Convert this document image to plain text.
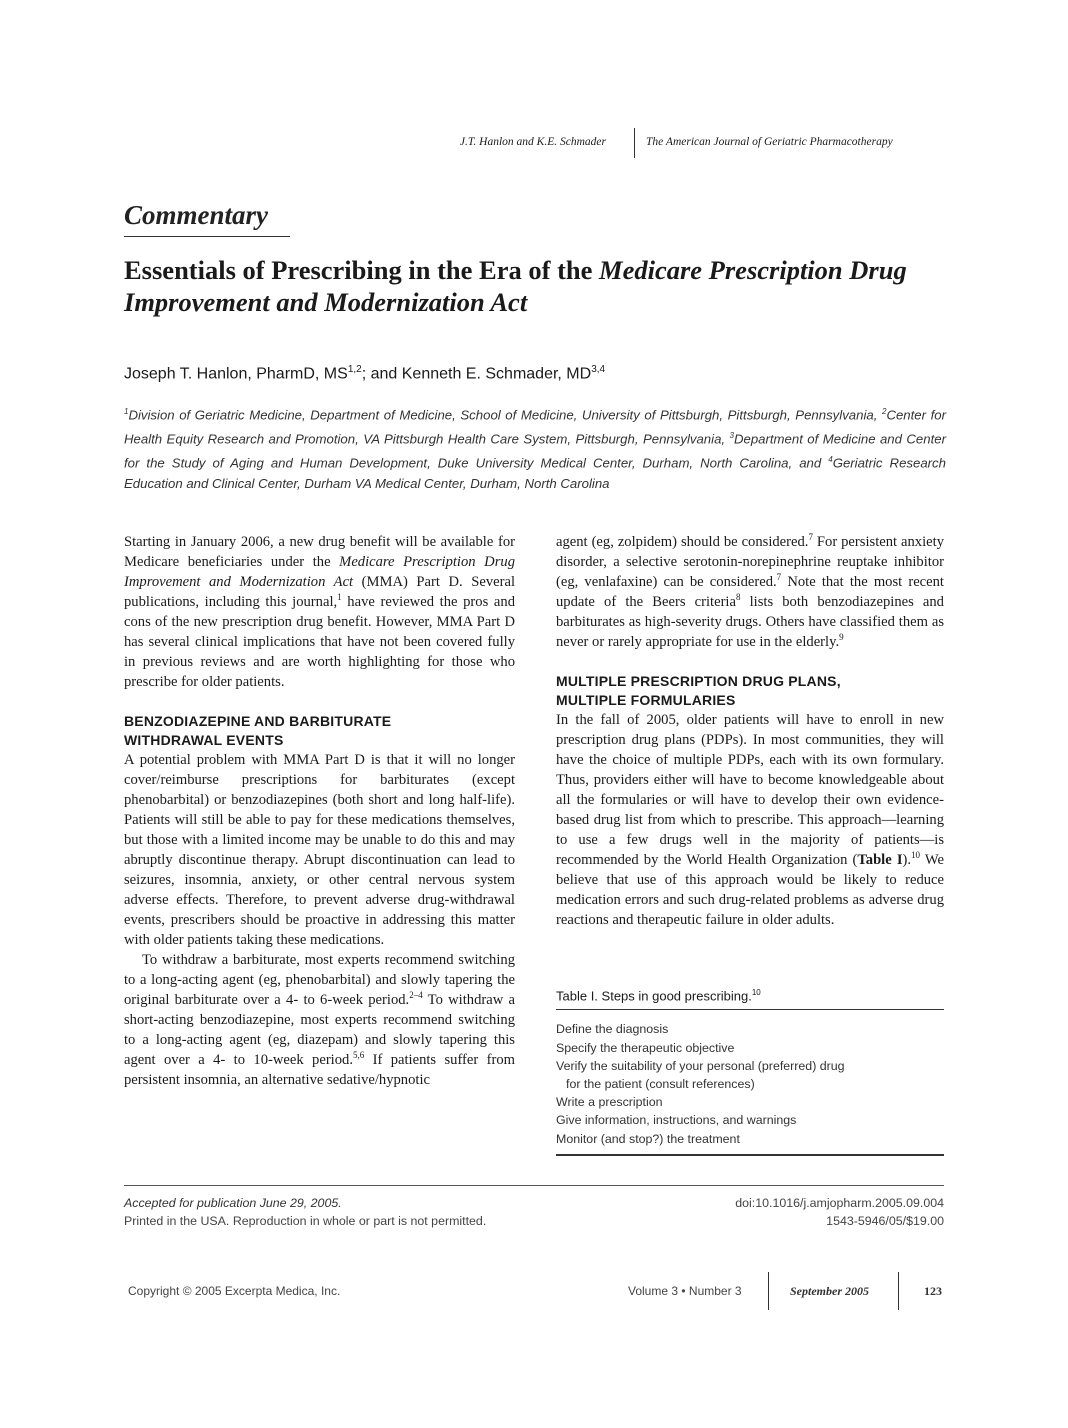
J.T. Hanlon and K.E. Schmader	The American Journal of Geriatric Pharmacotherapy
Commentary
Essentials of Prescribing in the Era of the Medicare Prescription Drug Improvement and Modernization Act
Joseph T. Hanlon, PharmD, MS$^{1,2}$; and Kenneth E. Schmader, MD$^{3,4}$
$^1$Division of Geriatric Medicine, Department of Medicine, School of Medicine, University of Pittsburgh, Pittsburgh, Pennsylvania, $^2$Center for Health Equity Research and Promotion, VA Pittsburgh Health Care System, Pittsburgh, Pennsylvania, $^3$Department of Medicine and Center for the Study of Aging and Human Development, Duke University Medical Center, Durham, North Carolina, and $^4$Geriatric Research Education and Clinical Center, Durham VA Medical Center, Durham, North Carolina

Starting in January 2006, a new drug benefit will be available for Medicare beneficiaries under the Medicare Prescription Drug Improvement and Modernization Act (MMA) Part D. Several publications, including this journal,$^1$ have reviewed the pros and cons of the new prescription drug benefit. However, MMA Part D has several clinical implications that have not been covered fully in previous reviews and are worth highlighting for those who prescribe for older patients.

BENZODIAZEPINE AND BARBITURATE
WITHDRAWAL EVENTS

A potential problem with MMA Part D is that it will no longer cover/reimburse prescriptions for barbiturates (except phenobarbital) or benzodiazepines (both short and long half-life). Patients will still be able to pay for these medications themselves, but those with a limited income may be unable to do this and may abruptly discontinue therapy. Abrupt discontinuation can lead to seizures, insomnia, anxiety, or other central nervous system adverse effects. Therefore, to prevent adverse drug-withdrawal events, prescribers should be proactive in addressing this matter with older patients taking these medications.

To withdraw a barbiturate, most experts recommend switching to a long-acting agent (eg, phenobarbital) and slowly tapering the original barbiturate over a 4- to 6-week period.$^{2-4}$ To withdraw a short-acting benzodiazepine, most experts recommend switching to a long-acting agent (eg, diazepam) and slowly tapering this agent over a 4- to 10-week period.$^{5,6}$ If patients suffer from persistent insomnia, an alternative sedative/hypnotic

agent (eg, zolpidem) should be considered.$^7$ For persistent anxiety disorder, a selective serotonin-norepinephrine reuptake inhibitor (eg, venlafaxine) can be considered.$^7$ Note that the most recent update of the Beers criteria$^8$ lists both benzodiazepines and barbiturates as high-severity drugs. Others have classified them as never or rarely appropriate for use in the elderly.$^9$

MULTIPLE PRESCRIPTION DRUG PLANS,
MULTIPLE FORMULARIES

In the fall of 2005, older patients will have to enroll in new prescription drug plans (PDPs). In most communities, they will have the choice of multiple PDPs, each with its own formulary. Thus, providers either will have to become knowledgeable about all the formularies or will have to develop their own evidence-based drug list from which to prescribe. This approach—learning to use a few drugs well in the majority of patients—is recommended by the World Health Organization (Table I).$^{10}$ We believe that use of this approach would be likely to reduce medication errors and such drug-related problems as adverse drug reactions and therapeutic failure in older adults.

Table I. Steps in good prescribing.$^{10}$
Define the diagnosis
Specify the therapeutic objective
Verify the suitability of your personal (preferred) drug
for the patient (consult references)
Write a prescription
Give information, instructions, and warnings
Monitor (and stop?) the treatment
Accepted for publication June 29, 2005.
Printed in the USA. Reproduction in whole or part is not permitted.
doi:10.1016/j.amjopharm.2005.09.004
1543-5946/05/$19.00
Copyright © 2005 Excerpta Medica, Inc.	Volume 3 • Number 3	September 2005	123
